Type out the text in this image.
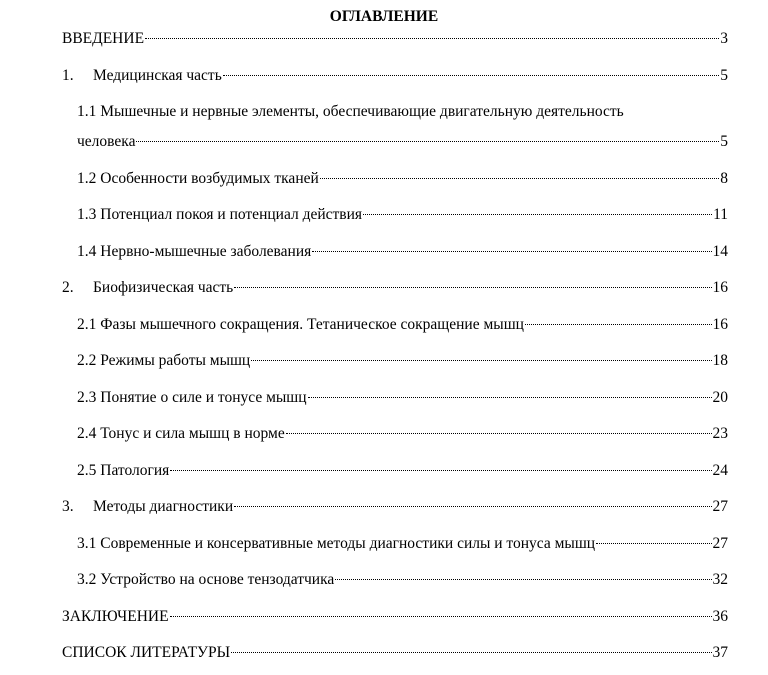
ОГЛАВЛЕНИЕ
ВВЕДЕНИЕ	3
1.	Медицинская часть	5
1.1 Мышечные и нервные элементы, обеспечивающие двигательную деятельность
человека	5
1.2 Особенности возбудимых тканей	8
1.3 Потенциал покоя и потенциал действия	11
1.4 Нервно-мышечные заболевания	14
2.	Биофизическая часть	16
2.1 Фазы мышечного сокращения. Тетаническое сокращение мышц	16
2.2 Режимы работы мышц	18
2.3 Понятие о силе и тонусе мышц	20
2.4 Тонус и сила мышц в норме	23
2.5 Патология	24
3.	Методы диагностики	27
3.1 Современные и консервативные методы диагностики силы и тонуса мышц	27
3.2 Устройство на основе тензодатчика	32
ЗАКЛЮЧЕНИЕ	36
СПИСОК ЛИТЕРАТУРЫ	37
